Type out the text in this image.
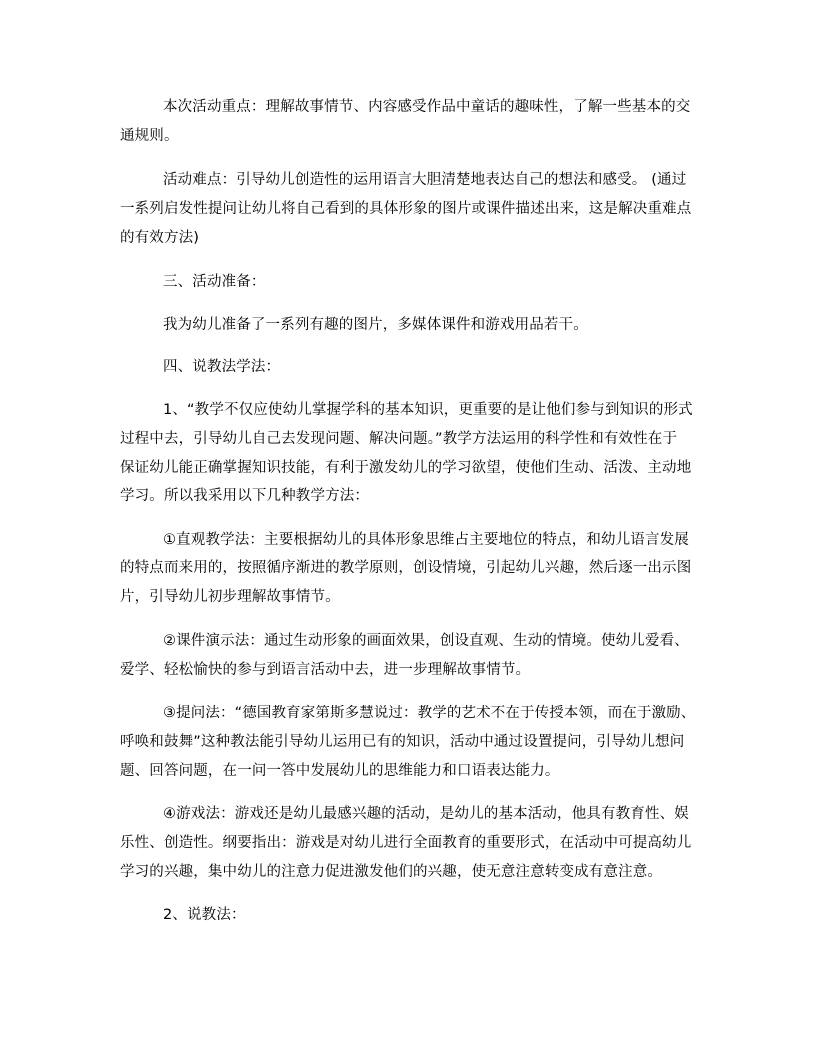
本次活动重点：理解故事情节、内容感受作品中童话的趣味性，了解一些基本的交
通规则。
活动难点：引导幼儿创造性的运用语言大胆清楚地表达自己的想法和感受。 (通过
一系列启发性提问让幼儿将自己看到的具体形象的图片或课件描述出来，这是解决重难点
的有效方法)
三、活动准备：
我为幼儿准备了一系列有趣的图片，多媒体课件和游戏用品若干。
四、说教法学法：
1、“教学不仅应使幼儿掌握学科的基本知识，更重要的是让他们参与到知识的形式
过程中去，引导幼儿自己去发现问题、解决问题。”教学方法运用的科学性和有效性在于
保证幼儿能正确掌握知识技能，有利于激发幼儿的学习欲望，使他们生动、活泼、主动地
学习。所以我采用以下几种教学方法：
①直观教学法：主要根据幼儿的具体形象思维占主要地位的特点，和幼儿语言发展
的特点而来用的，按照循序渐进的教学原则，创设情境，引起幼儿兴趣，然后逐一出示图
片，引导幼儿初步理解故事情节。
②课件演示法：通过生动形象的画面效果，创设直观、生动的情境。使幼儿爱看、
爱学、轻松愉快的参与到语言活动中去，进一步理解故事情节。
③提问法：“德国教育家第斯多慧说过：教学的艺术不在于传授本领，而在于激励、
呼唤和鼓舞”这种教法能引导幼儿运用已有的知识，活动中通过设置提问，引导幼儿想问
题、回答问题，在一问一答中发展幼儿的思维能力和口语表达能力。
④游戏法：游戏还是幼儿最感兴趣的活动，是幼儿的基本活动，他具有教育性、娱
乐性、创造性。纲要指出：游戏是对幼儿进行全面教育的重要形式，在活动中可提高幼儿
学习的兴趣，集中幼儿的注意力促进激发他们的兴趣，使无意注意转变成有意注意。
2、说教法：
